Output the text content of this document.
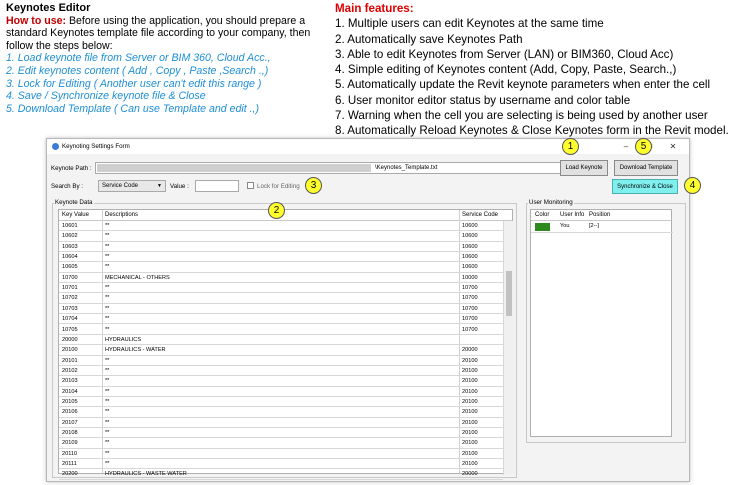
Keynotes Editor
How to use: Before using the application, you should prepare a standard Keynotes template file according to your company, then follow the steps below:
1. Load keynote file from Server or BIM 360, Cloud Acc.,
2. Edit keynotes content ( Add , Copy , Paste ,Search .,)
3. Lock for Editing ( Another user can't edit this range )
4. Save / Synchronize keynote file & Close
5. Download Template ( Can use Template and edit .,)
Main features:
1. Multiple users can edit Keynotes at the same time
2. Automatically save Keynotes Path
3. Able to edit Keynotes from Server (LAN) or BIM360, Cloud Acc)
4. Simple editing of Keynotes content (Add, Copy, Paste, Search.,)
5. Automatically update the Revit keynote parameters when enter the cell
6. User monitor editor status by username and color table
7. Warning when the cell you are selecting is being used by another user
8. Automatically Reload Keynotes & Close Keynotes form in the Revit model.
Keynoting Settings Form	–	✕
Keynote Path :	\Keynotes_Template.txt	Load Keynote	Download Template
Search By :	Service Code	▼ Value :	Lock for Editing	Synchronize & Close
Keynote Data
Key Value	Descriptions	Service Code
10601	**	10600
10602	**	10600
10603	**	10600
10604	**	10600
10605	**	10600
10700	MECHANICAL - OTHERS	10000
10701	**	10700
10702	**	10700
10703	**	10700
10704	**	10700
10705	**	10700
20000	HYDRAULICS
20100	HYDRAULICS - WATER	20000
20101	**	20100
20102	**	20100
20103	**	20100
20104	**	20100
20105	**	20100
20106	**	20100
20107	**	20100
20108	**	20100
20109	**	20100
20110	**	20100
20111	**	20100
20200	HYDRAULICS - WASTE WATER	20000
User Monitoring
Color User Info Position
You	[2--]
1
2
3	4
5
